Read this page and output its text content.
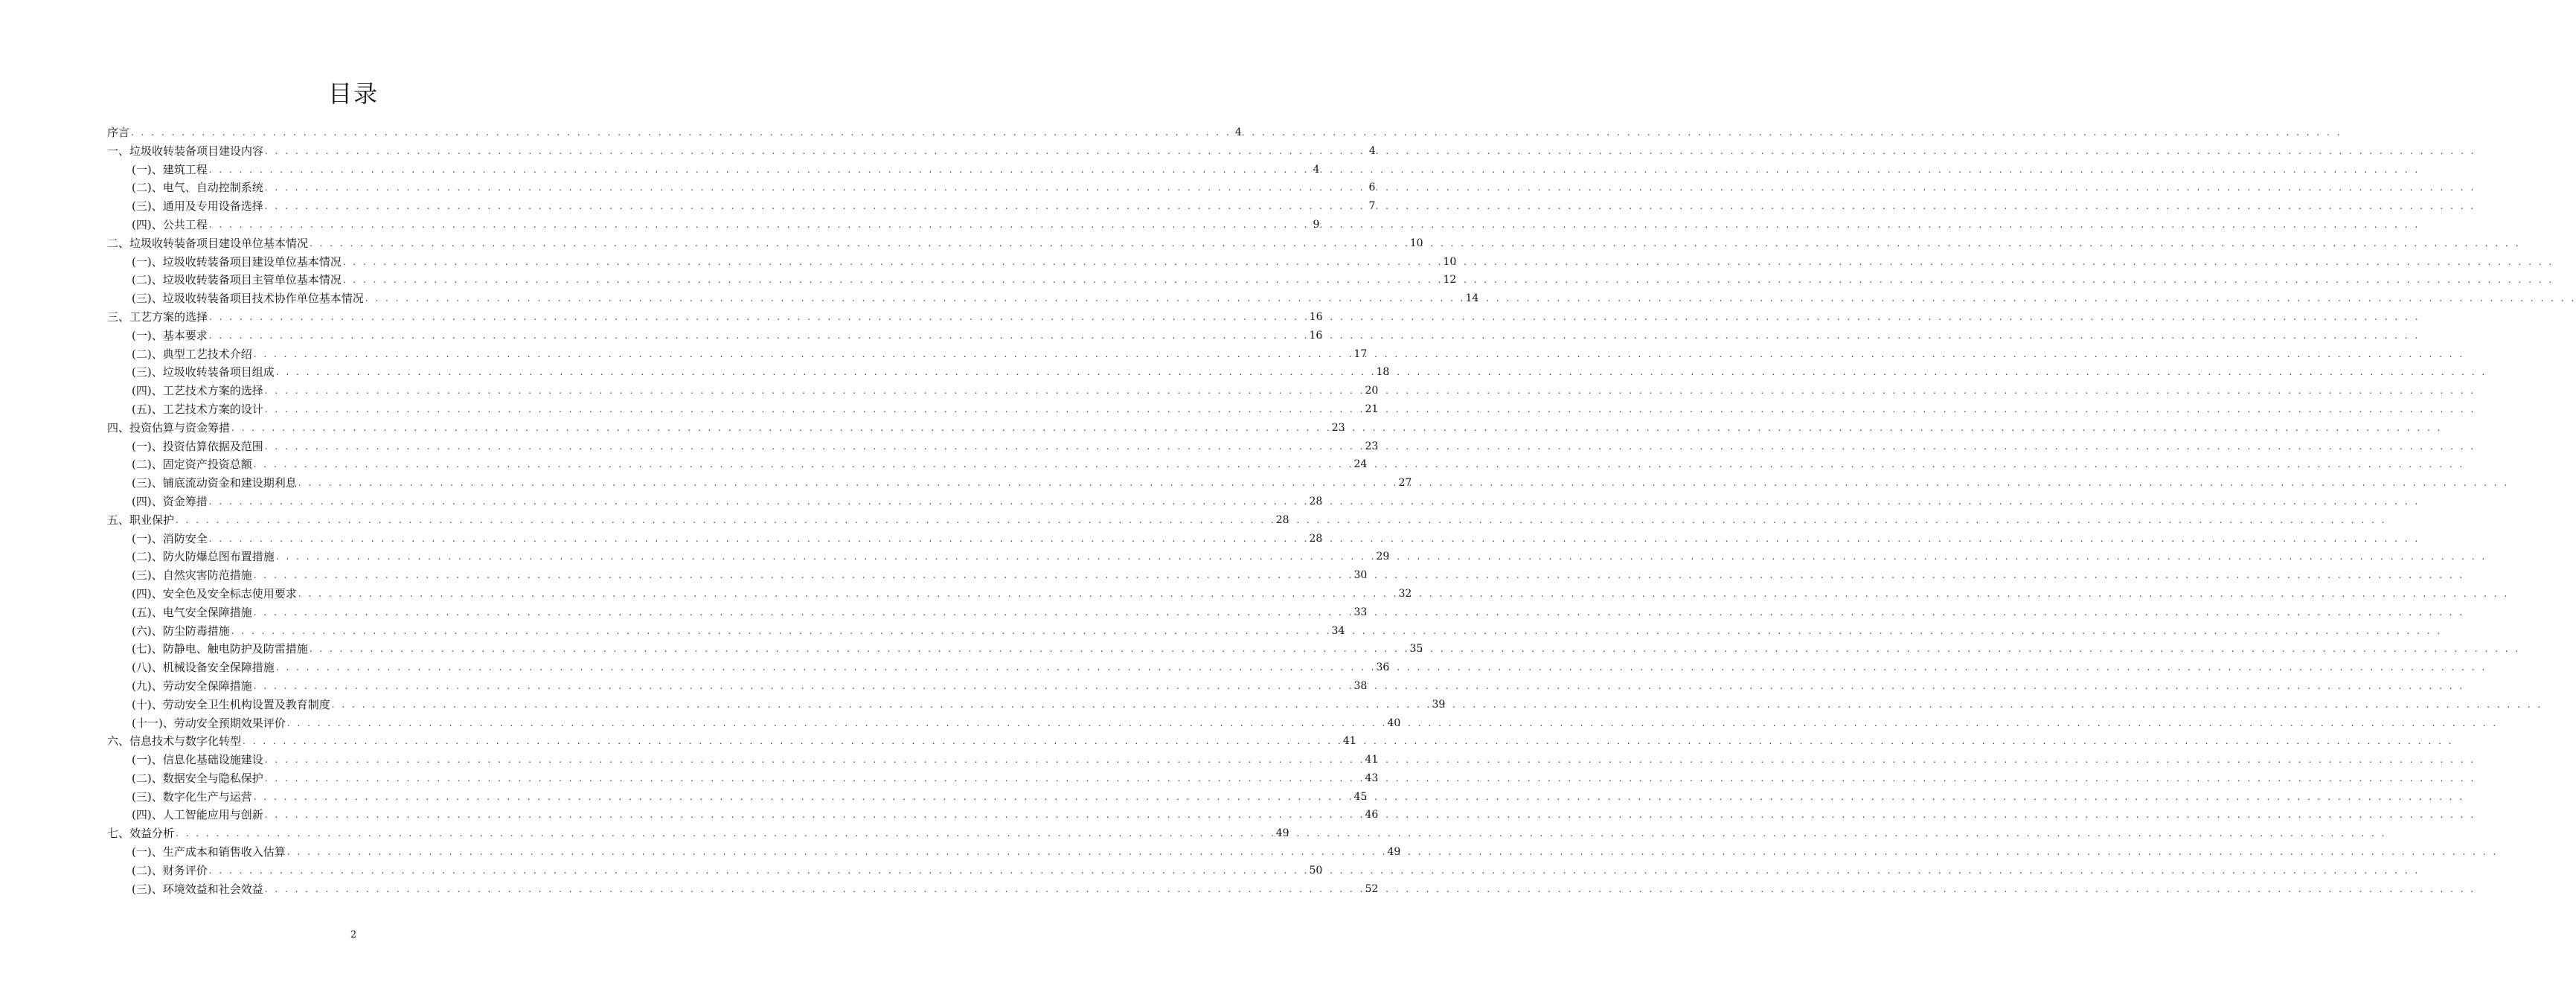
目录
序言 . . . . . . . . . . . . . . . . . . . . . . . . . . . . . . . . . . . . . . . . . . . . . . . . . . . . . . . . . . . . . . . . . . . . . . . . . . . . . . . . . . . . . . . . . . . . . . . . . . . . . . . . . . . . . 4 . . . . . . . . . . . . . . . . . . . . . . . . . . . . . . . . . . . . . . . . . . . . . . . . . . . . . . . . . . . . . . . . . . . . . . . . . . . . . . . . . . . . . . . . . . . . . . . . . . . . . . . . . . . . .
一、垃圾收转装备项目建设内容 . . . . . . . . . . . . . . . . . . . . . . . . . . . . . . . . . . . . . . . . . . . . . . . . . . . . . . . . . . . . . . . . . . . . . . . . . . . . . . . . . . . . . . . . . . . . . . . . . . . . . . . . . . . . . 4 . . . . . . . . . . . . . . . . . . . . . . . . . . . . . . . . . . . . . . . . . . . . . . . . . . . . . . . . . . . . . . . . . . . . . . . . . . . . . . . . . . . . . . . . . . . . . . . . . . . . . . . . . . . . .
(一)、建筑工程 . . . . . . . . . . . . . . . . . . . . . . . . . . . . . . . . . . . . . . . . . . . . . . . . . . . . . . . . . . . . . . . . . . . . . . . . . . . . . . . . . . . . . . . . . . . . . . . . . . . . . . . . . . . . . 4 . . . . . . . . . . . . . . . . . . . . . . . . . . . . . . . . . . . . . . . . . . . . . . . . . . . . . . . . . . . . . . . . . . . . . . . . . . . . . . . . . . . . . . . . . . . . . . . . . . . . . . . . . . . . .
(二)、电气、自动控制系统 . . . . . . . . . . . . . . . . . . . . . . . . . . . . . . . . . . . . . . . . . . . . . . . . . . . . . . . . . . . . . . . . . . . . . . . . . . . . . . . . . . . . . . . . . . . . . . . . . . . . . . . . . . . . . 6 . . . . . . . . . . . . . . . . . . . . . . . . . . . . . . . . . . . . . . . . . . . . . . . . . . . . . . . . . . . . . . . . . . . . . . . . . . . . . . . . . . . . . . . . . . . . . . . . . . . . . . . . . . . . .
(三)、通用及专用设备选择 . . . . . . . . . . . . . . . . . . . . . . . . . . . . . . . . . . . . . . . . . . . . . . . . . . . . . . . . . . . . . . . . . . . . . . . . . . . . . . . . . . . . . . . . . . . . . . . . . . . . . . . . . . . . . 7 . . . . . . . . . . . . . . . . . . . . . . . . . . . . . . . . . . . . . . . . . . . . . . . . . . . . . . . . . . . . . . . . . . . . . . . . . . . . . . . . . . . . . . . . . . . . . . . . . . . . . . . . . . . . .
(四)、公共工程 . . . . . . . . . . . . . . . . . . . . . . . . . . . . . . . . . . . . . . . . . . . . . . . . . . . . . . . . . . . . . . . . . . . . . . . . . . . . . . . . . . . . . . . . . . . . . . . . . . . . . . . . . . . . . 9 . . . . . . . . . . . . . . . . . . . . . . . . . . . . . . . . . . . . . . . . . . . . . . . . . . . . . . . . . . . . . . . . . . . . . . . . . . . . . . . . . . . . . . . . . . . . . . . . . . . . . . . . . . . . .
二、垃圾收转装备项目建设单位基本情况 . . . . . . . . . . . . . . . . . . . . . . . . . . . . . . . . . . . . . . . . . . . . . . . . . . . . . . . . . . . . . . . . . . . . . . . . . . . . . . . . . . . . . . . . . . . . . . . . . . . . . . . . . . . . . 10
. . . . . . . . . . . . . . . . . . . . . . . . . . . . . . . . . . . . . . . . . . . . . . . . . . . . . . . . . . . . . . . . . . . . . . . . . . . . . . . . . . . . . . . . . . . . . . . . . . . . . . . . . . . . .
(一)、垃圾收转装备项目建设单位基本情况 . . . . . . . . . . . . . . . . . . . . . . . . . . . . . . . . . . . . . . . . . . . . . . . . . . . . . . . . . . . . . . . . . . . . . . . . . . . . . . . . . . . . . . . . . . . . . . . . . . . . . . . . . . . . . 10
. . . . . . . . . . . . . . . . . . . . . . . . . . . . . . . . . . . . . . . . . . . . . . . . . . . . . . . . . . . . . . . . . . . . . . . . . . . . . . . . . . . . . . . . . . . . . . . . . . . . . . . . . . . . .
(二)、垃圾收转装备项目主管单位基本情况 . . . . . . . . . . . . . . . . . . . . . . . . . . . . . . . . . . . . . . . . . . . . . . . . . . . . . . . . . . . . . . . . . . . . . . . . . . . . . . . . . . . . . . . . . . . . . . . . . . . . . . . . . . . . . 12
. . . . . . . . . . . . . . . . . . . . . . . . . . . . . . . . . . . . . . . . . . . . . . . . . . . . . . . . . . . . . . . . . . . . . . . . . . . . . . . . . . . . . . . . . . . . . . . . . . . . . . . . . . . . .
(三)、垃圾收转装备项目技术协作单位基本情况 . . . . . . . . . . . . . . . . . . . . . . . . . . . . . . . . . . . . . . . . . . . . . . . . . . . . . . . . . . . . . . . . . . . . . . . . . . . . . . . . . . . . . . . . . . . . . . . . . . . . . . . . . . . . . 14
. . . . . . . . . . . . . . . . . . . . . . . . . . . . . . . . . . . . . . . . . . . . . . . . . . . . . . . . . . . . . . . . . . . . . . . . . . . . . . . . . . . . . . . . . . . . . . . . . . . . . . . . . . . . .
三、工艺方案的选择 . . . . . . . . . . . . . . . . . . . . . . . . . . . . . . . . . . . . . . . . . . . . . . . . . . . . . . . . . . . . . . . . . . . . . . . . . . . . . . . . . . . . . . . . . . . . . . . . . . . . . . . . . . . . . 16
. . . . . . . . . . . . . . . . . . . . . . . . . . . . . . . . . . . . . . . . . . . . . . . . . . . . . . . . . . . . . . . . . . . . . . . . . . . . . . . . . . . . . . . . . . . . . . . . . . . . . . . . . . . . .
(一)、基本要求 . . . . . . . . . . . . . . . . . . . . . . . . . . . . . . . . . . . . . . . . . . . . . . . . . . . . . . . . . . . . . . . . . . . . . . . . . . . . . . . . . . . . . . . . . . . . . . . . . . . . . . . . . . . . . 16
. . . . . . . . . . . . . . . . . . . . . . . . . . . . . . . . . . . . . . . . . . . . . . . . . . . . . . . . . . . . . . . . . . . . . . . . . . . . . . . . . . . . . . . . . . . . . . . . . . . . . . . . . . . . .
(二)、典型工艺技术介绍 . . . . . . . . . . . . . . . . . . . . . . . . . . . . . . . . . . . . . . . . . . . . . . . . . . . . . . . . . . . . . . . . . . . . . . . . . . . . . . . . . . . . . . . . . . . . . . . . . . . . . . . . . . . . . 17
. . . . . . . . . . . . . . . . . . . . . . . . . . . . . . . . . . . . . . . . . . . . . . . . . . . . . . . . . . . . . . . . . . . . . . . . . . . . . . . . . . . . . . . . . . . . . . . . . . . . . . . . . . . . .
(三)、垃圾收转装备项目组成 . . . . . . . . . . . . . . . . . . . . . . . . . . . . . . . . . . . . . . . . . . . . . . . . . . . . . . . . . . . . . . . . . . . . . . . . . . . . . . . . . . . . . . . . . . . . . . . . . . . . . . . . . . . . . 18
. . . . . . . . . . . . . . . . . . . . . . . . . . . . . . . . . . . . . . . . . . . . . . . . . . . . . . . . . . . . . . . . . . . . . . . . . . . . . . . . . . . . . . . . . . . . . . . . . . . . . . . . . . . . .
(四)、工艺技术方案的选择 . . . . . . . . . . . . . . . . . . . . . . . . . . . . . . . . . . . . . . . . . . . . . . . . . . . . . . . . . . . . . . . . . . . . . . . . . . . . . . . . . . . . . . . . . . . . . . . . . . . . . . . . . . . . . 20
. . . . . . . . . . . . . . . . . . . . . . . . . . . . . . . . . . . . . . . . . . . . . . . . . . . . . . . . . . . . . . . . . . . . . . . . . . . . . . . . . . . . . . . . . . . . . . . . . . . . . . . . . . . . .
(五)、工艺技术方案的设计 . . . . . . . . . . . . . . . . . . . . . . . . . . . . . . . . . . . . . . . . . . . . . . . . . . . . . . . . . . . . . . . . . . . . . . . . . . . . . . . . . . . . . . . . . . . . . . . . . . . . . . . . . . . . . 21
. . . . . . . . . . . . . . . . . . . . . . . . . . . . . . . . . . . . . . . . . . . . . . . . . . . . . . . . . . . . . . . . . . . . . . . . . . . . . . . . . . . . . . . . . . . . . . . . . . . . . . . . . . . . .
四、投资估算与资金筹措 . . . . . . . . . . . . . . . . . . . . . . . . . . . . . . . . . . . . . . . . . . . . . . . . . . . . . . . . . . . . . . . . . . . . . . . . . . . . . . . . . . . . . . . . . . . . . . . . . . . . . . . . . . . . . 23
. . . . . . . . . . . . . . . . . . . . . . . . . . . . . . . . . . . . . . . . . . . . . . . . . . . . . . . . . . . . . . . . . . . . . . . . . . . . . . . . . . . . . . . . . . . . . . . . . . . . . . . . . . . . .
(一)、投资估算依据及范围 . . . . . . . . . . . . . . . . . . . . . . . . . . . . . . . . . . . . . . . . . . . . . . . . . . . . . . . . . . . . . . . . . . . . . . . . . . . . . . . . . . . . . . . . . . . . . . . . . . . . . . . . . . . . . 23
. . . . . . . . . . . . . . . . . . . . . . . . . . . . . . . . . . . . . . . . . . . . . . . . . . . . . . . . . . . . . . . . . . . . . . . . . . . . . . . . . . . . . . . . . . . . . . . . . . . . . . . . . . . . .
(二)、固定资产投资总额 . . . . . . . . . . . . . . . . . . . . . . . . . . . . . . . . . . . . . . . . . . . . . . . . . . . . . . . . . . . . . . . . . . . . . . . . . . . . . . . . . . . . . . . . . . . . . . . . . . . . . . . . . . . . . 24
. . . . . . . . . . . . . . . . . . . . . . . . . . . . . . . . . . . . . . . . . . . . . . . . . . . . . . . . . . . . . . . . . . . . . . . . . . . . . . . . . . . . . . . . . . . . . . . . . . . . . . . . . . . . .
(三)、铺底流动资金和建设期利息 . . . . . . . . . . . . . . . . . . . . . . . . . . . . . . . . . . . . . . . . . . . . . . . . . . . . . . . . . . . . . . . . . . . . . . . . . . . . . . . . . . . . . . . . . . . . . . . . . . . . . . . . . . . . . 27
. . . . . . . . . . . . . . . . . . . . . . . . . . . . . . . . . . . . . . . . . . . . . . . . . . . . . . . . . . . . . . . . . . . . . . . . . . . . . . . . . . . . . . . . . . . . . . . . . . . . . . . . . . . . .
(四)、资金筹措 . . . . . . . . . . . . . . . . . . . . . . . . . . . . . . . . . . . . . . . . . . . . . . . . . . . . . . . . . . . . . . . . . . . . . . . . . . . . . . . . . . . . . . . . . . . . . . . . . . . . . . . . . . . . . 28
. . . . . . . . . . . . . . . . . . . . . . . . . . . . . . . . . . . . . . . . . . . . . . . . . . . . . . . . . . . . . . . . . . . . . . . . . . . . . . . . . . . . . . . . . . . . . . . . . . . . . . . . . . . . .
五、职业保护 . . . . . . . . . . . . . . . . . . . . . . . . . . . . . . . . . . . . . . . . . . . . . . . . . . . . . . . . . . . . . . . . . . . . . . . . . . . . . . . . . . . . . . . . . . . . . . . . . . . . . . . . . . . . . 28
. . . . . . . . . . . . . . . . . . . . . . . . . . . . . . . . . . . . . . . . . . . . . . . . . . . . . . . . . . . . . . . . . . . . . . . . . . . . . . . . . . . . . . . . . . . . . . . . . . . . . . . . . . . . .
(一)、消防安全 . . . . . . . . . . . . . . . . . . . . . . . . . . . . . . . . . . . . . . . . . . . . . . . . . . . . . . . . . . . . . . . . . . . . . . . . . . . . . . . . . . . . . . . . . . . . . . . . . . . . . . . . . . . . . 28
. . . . . . . . . . . . . . . . . . . . . . . . . . . . . . . . . . . . . . . . . . . . . . . . . . . . . . . . . . . . . . . . . . . . . . . . . . . . . . . . . . . . . . . . . . . . . . . . . . . . . . . . . . . . .
(二)、防火防爆总图布置措施 . . . . . . . . . . . . . . . . . . . . . . . . . . . . . . . . . . . . . . . . . . . . . . . . . . . . . . . . . . . . . . . . . . . . . . . . . . . . . . . . . . . . . . . . . . . . . . . . . . . . . . . . . . . . . 29
. . . . . . . . . . . . . . . . . . . . . . . . . . . . . . . . . . . . . . . . . . . . . . . . . . . . . . . . . . . . . . . . . . . . . . . . . . . . . . . . . . . . . . . . . . . . . . . . . . . . . . . . . . . . .
(三)、自然灾害防范措施 . . . . . . . . . . . . . . . . . . . . . . . . . . . . . . . . . . . . . . . . . . . . . . . . . . . . . . . . . . . . . . . . . . . . . . . . . . . . . . . . . . . . . . . . . . . . . . . . . . . . . . . . . . . . . 30
. . . . . . . . . . . . . . . . . . . . . . . . . . . . . . . . . . . . . . . . . . . . . . . . . . . . . . . . . . . . . . . . . . . . . . . . . . . . . . . . . . . . . . . . . . . . . . . . . . . . . . . . . . . . .
(四)、安全色及安全标志使用要求 . . . . . . . . . . . . . . . . . . . . . . . . . . . . . . . . . . . . . . . . . . . . . . . . . . . . . . . . . . . . . . . . . . . . . . . . . . . . . . . . . . . . . . . . . . . . . . . . . . . . . . . . . . . . . 32
. . . . . . . . . . . . . . . . . . . . . . . . . . . . . . . . . . . . . . . . . . . . . . . . . . . . . . . . . . . . . . . . . . . . . . . . . . . . . . . . . . . . . . . . . . . . . . . . . . . . . . . . . . . . .
(五)、电气安全保障措施 . . . . . . . . . . . . . . . . . . . . . . . . . . . . . . . . . . . . . . . . . . . . . . . . . . . . . . . . . . . . . . . . . . . . . . . . . . . . . . . . . . . . . . . . . . . . . . . . . . . . . . . . . . . . . 33
. . . . . . . . . . . . . . . . . . . . . . . . . . . . . . . . . . . . . . . . . . . . . . . . . . . . . . . . . . . . . . . . . . . . . . . . . . . . . . . . . . . . . . . . . . . . . . . . . . . . . . . . . . . . .
(六)、防尘防毒措施 . . . . . . . . . . . . . . . . . . . . . . . . . . . . . . . . . . . . . . . . . . . . . . . . . . . . . . . . . . . . . . . . . . . . . . . . . . . . . . . . . . . . . . . . . . . . . . . . . . . . . . . . . . . . . 34
. . . . . . . . . . . . . . . . . . . . . . . . . . . . . . . . . . . . . . . . . . . . . . . . . . . . . . . . . . . . . . . . . . . . . . . . . . . . . . . . . . . . . . . . . . . . . . . . . . . . . . . . . . . . .
(七)、防静电、触电防护及防雷措施 . . . . . . . . . . . . . . . . . . . . . . . . . . . . . . . . . . . . . . . . . . . . . . . . . . . . . . . . . . . . . . . . . . . . . . . . . . . . . . . . . . . . . . . . . . . . . . . . . . . . . . . . . . . . . 35
. . . . . . . . . . . . . . . . . . . . . . . . . . . . . . . . . . . . . . . . . . . . . . . . . . . . . . . . . . . . . . . . . . . . . . . . . . . . . . . . . . . . . . . . . . . . . . . . . . . . . . . . . . . . .
(八)、机械设备安全保障措施 . . . . . . . . . . . . . . . . . . . . . . . . . . . . . . . . . . . . . . . . . . . . . . . . . . . . . . . . . . . . . . . . . . . . . . . . . . . . . . . . . . . . . . . . . . . . . . . . . . . . . . . . . . . . . 36
. . . . . . . . . . . . . . . . . . . . . . . . . . . . . . . . . . . . . . . . . . . . . . . . . . . . . . . . . . . . . . . . . . . . . . . . . . . . . . . . . . . . . . . . . . . . . . . . . . . . . . . . . . . . .
(九)、劳动安全保障措施 . . . . . . . . . . . . . . . . . . . . . . . . . . . . . . . . . . . . . . . . . . . . . . . . . . . . . . . . . . . . . . . . . . . . . . . . . . . . . . . . . . . . . . . . . . . . . . . . . . . . . . . . . . . . . 38
. . . . . . . . . . . . . . . . . . . . . . . . . . . . . . . . . . . . . . . . . . . . . . . . . . . . . . . . . . . . . . . . . . . . . . . . . . . . . . . . . . . . . . . . . . . . . . . . . . . . . . . . . . . . .
(十)、劳动安全卫生机构设置及教育制度 . . . . . . . . . . . . . . . . . . . . . . . . . . . . . . . . . . . . . . . . . . . . . . . . . . . . . . . . . . . . . . . . . . . . . . . . . . . . . . . . . . . . . . . . . . . . . . . . . . . . . . . . . . . . . 39
. . . . . . . . . . . . . . . . . . . . . . . . . . . . . . . . . . . . . . . . . . . . . . . . . . . . . . . . . . . . . . . . . . . . . . . . . . . . . . . . . . . . . . . . . . . . . . . . . . . . . . . . . . . . .
(十一)、劳动安全预期效果评价 . . . . . . . . . . . . . . . . . . . . . . . . . . . . . . . . . . . . . . . . . . . . . . . . . . . . . . . . . . . . . . . . . . . . . . . . . . . . . . . . . . . . . . . . . . . . . . . . . . . . . . . . . . . . . 40
. . . . . . . . . . . . . . . . . . . . . . . . . . . . . . . . . . . . . . . . . . . . . . . . . . . . . . . . . . . . . . . . . . . . . . . . . . . . . . . . . . . . . . . . . . . . . . . . . . . . . . . . . . . . .
六、信息技术与数字化转型 . . . . . . . . . . . . . . . . . . . . . . . . . . . . . . . . . . . . . . . . . . . . . . . . . . . . . . . . . . . . . . . . . . . . . . . . . . . . . . . . . . . . . . . . . . . . . . . . . . . . . . . . . . . . . 41
. . . . . . . . . . . . . . . . . . . . . . . . . . . . . . . . . . . . . . . . . . . . . . . . . . . . . . . . . . . . . . . . . . . . . . . . . . . . . . . . . . . . . . . . . . . . . . . . . . . . . . . . . . . . .
(一)、信息化基础设施建设 . . . . . . . . . . . . . . . . . . . . . . . . . . . . . . . . . . . . . . . . . . . . . . . . . . . . . . . . . . . . . . . . . . . . . . . . . . . . . . . . . . . . . . . . . . . . . . . . . . . . . . . . . . . . . 41
. . . . . . . . . . . . . . . . . . . . . . . . . . . . . . . . . . . . . . . . . . . . . . . . . . . . . . . . . . . . . . . . . . . . . . . . . . . . . . . . . . . . . . . . . . . . . . . . . . . . . . . . . . . . .
(二)、数据安全与隐私保护 . . . . . . . . . . . . . . . . . . . . . . . . . . . . . . . . . . . . . . . . . . . . . . . . . . . . . . . . . . . . . . . . . . . . . . . . . . . . . . . . . . . . . . . . . . . . . . . . . . . . . . . . . . . . . 43
. . . . . . . . . . . . . . . . . . . . . . . . . . . . . . . . . . . . . . . . . . . . . . . . . . . . . . . . . . . . . . . . . . . . . . . . . . . . . . . . . . . . . . . . . . . . . . . . . . . . . . . . . . . . .
(三)、数字化生产与运营 . . . . . . . . . . . . . . . . . . . . . . . . . . . . . . . . . . . . . . . . . . . . . . . . . . . . . . . . . . . . . . . . . . . . . . . . . . . . . . . . . . . . . . . . . . . . . . . . . . . . . . . . . . . . . 45
. . . . . . . . . . . . . . . . . . . . . . . . . . . . . . . . . . . . . . . . . . . . . . . . . . . . . . . . . . . . . . . . . . . . . . . . . . . . . . . . . . . . . . . . . . . . . . . . . . . . . . . . . . . . .
(四)、人工智能应用与创新 . . . . . . . . . . . . . . . . . . . . . . . . . . . . . . . . . . . . . . . . . . . . . . . . . . . . . . . . . . . . . . . . . . . . . . . . . . . . . . . . . . . . . . . . . . . . . . . . . . . . . . . . . . . . . 46
. . . . . . . . . . . . . . . . . . . . . . . . . . . . . . . . . . . . . . . . . . . . . . . . . . . . . . . . . . . . . . . . . . . . . . . . . . . . . . . . . . . . . . . . . . . . . . . . . . . . . . . . . . . . .
七、效益分析 . . . . . . . . . . . . . . . . . . . . . . . . . . . . . . . . . . . . . . . . . . . . . . . . . . . . . . . . . . . . . . . . . . . . . . . . . . . . . . . . . . . . . . . . . . . . . . . . . . . . . . . . . . . . . 49
. . . . . . . . . . . . . . . . . . . . . . . . . . . . . . . . . . . . . . . . . . . . . . . . . . . . . . . . . . . . . . . . . . . . . . . . . . . . . . . . . . . . . . . . . . . . . . . . . . . . . . . . . . . . .
(一)、生产成本和销售收入估算 . . . . . . . . . . . . . . . . . . . . . . . . . . . . . . . . . . . . . . . . . . . . . . . . . . . . . . . . . . . . . . . . . . . . . . . . . . . . . . . . . . . . . . . . . . . . . . . . . . . . . . . . . . . . . 49
. . . . . . . . . . . . . . . . . . . . . . . . . . . . . . . . . . . . . . . . . . . . . . . . . . . . . . . . . . . . . . . . . . . . . . . . . . . . . . . . . . . . . . . . . . . . . . . . . . . . . . . . . . . . .
(二)、财务评价 . . . . . . . . . . . . . . . . . . . . . . . . . . . . . . . . . . . . . . . . . . . . . . . . . . . . . . . . . . . . . . . . . . . . . . . . . . . . . . . . . . . . . . . . . . . . . . . . . . . . . . . . . . . . . 50
. . . . . . . . . . . . . . . . . . . . . . . . . . . . . . . . . . . . . . . . . . . . . . . . . . . . . . . . . . . . . . . . . . . . . . . . . . . . . . . . . . . . . . . . . . . . . . . . . . . . . . . . . . . . .
(三)、环境效益和社会效益 . . . . . . . . . . . . . . . . . . . . . . . . . . . . . . . . . . . . . . . . . . . . . . . . . . . . . . . . . . . . . . . . . . . . . . . . . . . . . . . . . . . . . . . . . . . . . . . . . . . . . . . . . . . . . 52
. . . . . . . . . . . . . . . . . . . . . . . . . . . . . . . . . . . . . . . . . . . . . . . . . . . . . . . . . . . . . . . . . . . . . . . . . . . . . . . . . . . . . . . . . . . . . . . . . . . . . . . . . . . . .
2
